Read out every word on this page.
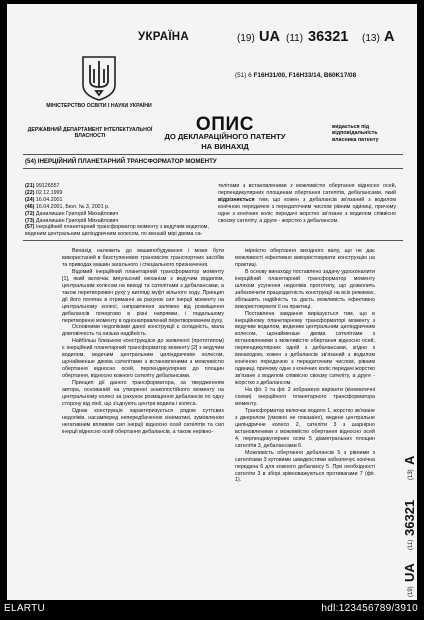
УКРАЇНА	(19) UA (11) 36321 (13) A
(51) 6 F16H31/00, F16H33/14, B60K17/08
МІНІСТЕРСТВО ОСВІТИ І НАУКИ УКРАЇНИ
ДЕРЖАВНИЙ ДЕПАРТАМЕНТ ІНТЕЛЕКТУАЛЬНОЇ ВЛАСНОСТІ
ОПИС
ДО ДЕКЛАРАЦІЙНОГО ПАТЕНТУ
НА ВИНАХІД
видається під відповідальність власника патенту
(54) ІНЕРЦІЙНИЙ ПЛАНЕТАРНИЙ ТРАНСФОРМАТОР МОМЕНТУ
(21) 99126557
(22) 02.12.1999
(24) 16.04.2001
(46) 16.04.2001, Бюл. № 3, 2001 р.
(72) Данилишин Григорій Михайлович
(73) Данилишин Григорій Михайлович
(57) Інерційний планетарний трансформатор моменту з ведучим водилом, веденим центральним циліндричним колесом, по меншій мірі двома са-
телітами з встановленими з можливістю обертання відносно осей, перпендикулярних площинам обертання сателітів, дебалансами, який відрізняється тим, що кожен з дебалансів зв'язаний з водилом конічною передачею з передаточним числом рівним одиниці, причому одне з конічних коліс передачі жорстко зв'язане з водилом співвісно своєму сателіту, а друге - жорстко з дебалансом.

Винахід належить до машинобудування і може бути використаний в безступеневих трансмісіях транспортних засобів та приводах машин загального і спеціального призначення.

Відомий інерційний планетарний трансформатор моменту [1], який включає імпульсний механізм з ведучим водилом, центральним колесом на виході та сателітами з дебалансами, а також перетворювач руху у вигляді муфт вільного ходу. Принцип дії його полягає в отриманні за рахунок сил інерції моменту на центральному колесі, направлення залежно від розміщення дебалансів почергово в різні напрямки, і подальшому перетворенні моменту в однонаправлений перетворювачем руху.

Основними недоліками даної конструкції є складність, мала довговічність та низька надійність.

Найбільш близькою конструкцією до заявленої (прототипом) є інерційний планетарний трансформатор моменту [2] з ведучим водилом, веденим центральним циліндричним колесом, щонайменше двома сателітами з встановленими з можливістю обертання відносно осей, перпендикулярних до площин обертання, відносно кожного сателіту дебалансами.

Принцип дії даного трансформатора, за твердженням автора, оснований на утворенні знакопостійного моменту на центральному колесі за рахунок розміщення дебалансів по одну сторону від лінії, що з'єднують центри водила і колеса.

Однак конструкція характеризується рядом суттєвих недоліків, насамперед непередбаченою кінематикі, зумовленою негативним впливом сил інерції відносно осей сателітів та сил інерції відносно осей обертання дебалансів, а також нерівно-

мірністю обертання вихідного валу, що не дає можливості ефективно використовувати конструкцію на практиці.

В основу винаходу поставлено задачу удосконалити інерційний планетарний трансформатор моменту шляхом усунення недоліків прототипу, що дозволить забезпечити працездатність конструкції на всіх режимах, збільшить надійність та дасть можливість ефективно використовувати її на практиці.

Поставлена завдання вирішується тим, що в інерційному планетарному трансформаторі моменту з ведучим водилом, веденим центральним циліндричним колесом, щонайменше двома сателітами з встановленими з можливістю обертання відносно осей, перпендикулярних одній з дебалансами, згідно з винаходом, кожен з дебалансів зв'язаний з водилом конічною передачею з передаточним числом, рівним одиниці, причому одне з конічних коліс передачі жорстко зв'язане з водилом співвісно своєму сателіту, а друге - жорстко з дебалансом.

На фіг. 1 та фіг. 2 зображено варіанти (кінематичні схеми) інерційного планетарного трансформатора моменту.

Трансформатор включає водило 1, жорстко зв'язане з джерелом (умовно не показано), ведене центральне циліндричне колесо 2, сателіти 3 з шарнірно встановленими з можливістю обертання відносно осей 4, перпендикулярних осям 5 діаметральних площин сателітів 3, дебалансами 6.

Можливість обертання дебалансів 5 з рівними з сателітами 3 кутовими швидкостями забезпечує конічна передача 6 для кожного дебалансу 5. При необхідності сателіти 3 в зборі зрівноважуються противагами 7 (фіг. 1).

(19)
UA
(11)
36321
(13)
A
ELARTU	hdl:123456789/3910
